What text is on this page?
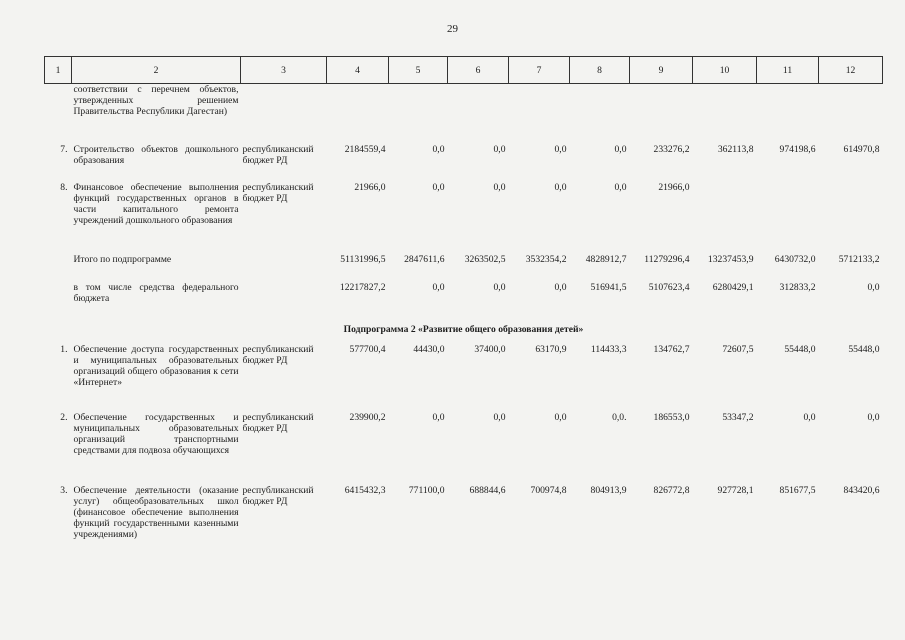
29
1	2	3	4	5	6	7	8	9	10	11	12
	соответствии с перечнем объектов, утвержденных решением Правительства Республики Дагестан)										
7.	Строительство объектов дошкольного образования	республиканский бюджет РД	2184559,4	0,0	0,0	0,0	0,0	233276,2	362113,8	974198,6	614970,8
8.	Финансовое обеспечение выполнения функций государственных органов в части капитального ремонта учреждений дошкольного образования	республиканский бюджет РД	21966,0	0,0	0,0	0,0	0,0	21966,0			
	Итого по подпрограмме		51131996,5	2847611,6	3263502,5	3532354,2	4828912,7	11279296,4	13237453,9	6430732,0	5712133,2
	в том числе средства федерального бюджета		12217827,2	0,0	0,0	0,0	516941,5	5107623,4	6280429,1	312833,2	0,0
Подпрограмма 2 «Развитие общего образования детей»											
1.	Обеспечение доступа государственных и муниципальных образовательных организаций общего образования к сети «Интернет»	республиканский бюджет РД	577700,4	44430,0	37400,0	63170,9	114433,3	134762,7	72607,5	55448,0	55448,0
2.	Обеспечение государственных и муниципальных образовательных организаций транспортными средствами для подвоза обучающихся	республиканский бюджет РД	239900,2	0,0	0,0	0,0	0,0.	186553,0	53347,2	0,0	0,0
3.	Обеспечение деятельности (оказание услуг) общеобразовательных школ (финансовое обеспечение выполнения функций государственными казенными учреждениями)	республиканский бюджет РД	6415432,3	771100,0	688844,6	700974,8	804913,9	826772,8	927728,1	851677,5	843420,6
